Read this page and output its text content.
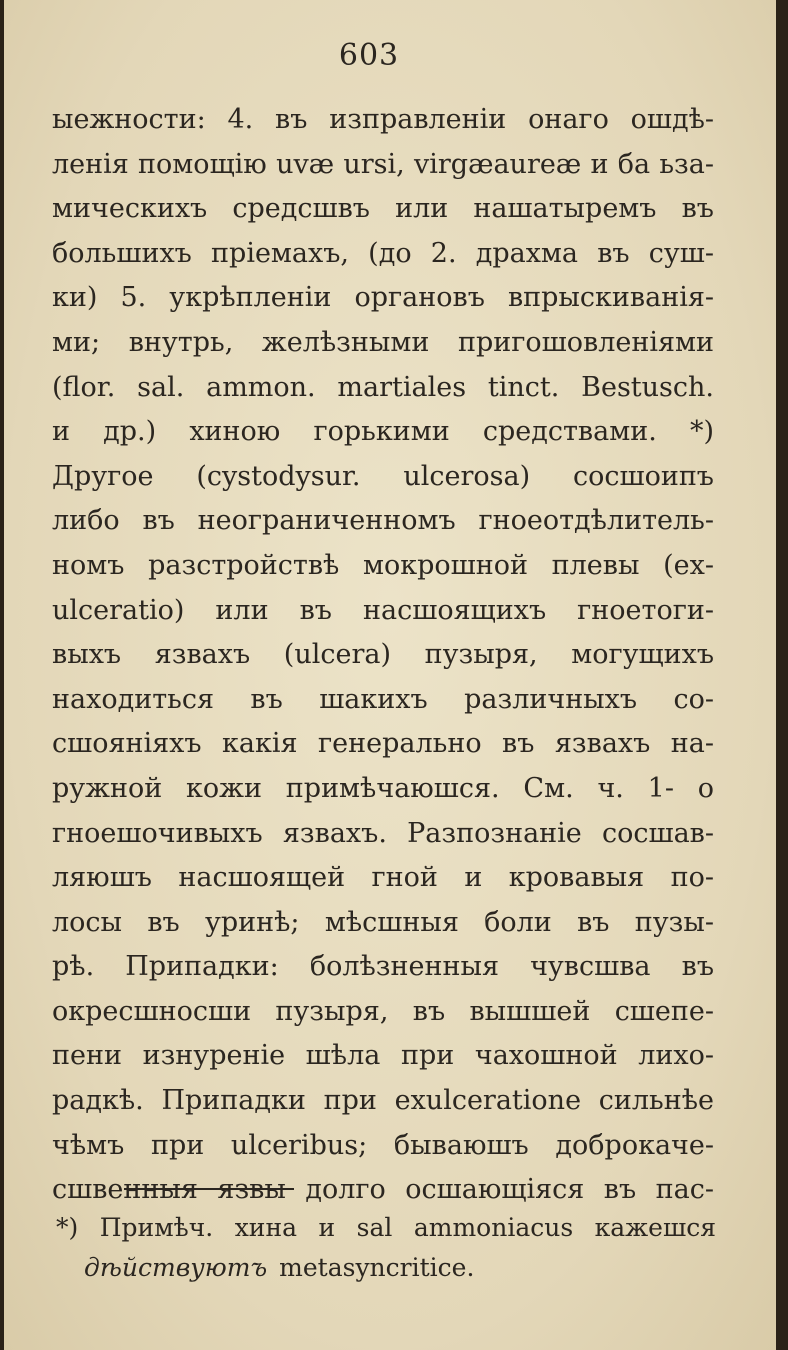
603
ыежности: 4. въ изправленіи онаго ошдѣ-
ленія помощію uvæ ursi, virgæaureæ и ба ьза-
мическихъ средсшвъ или нашатыремъ въ
большихъ пріемахъ, (до 2. драхма въ суш-
ки) 5. укрѣпленіи органовъ впрыскиванія-
ми; внутрь, желѣзными пригошовленіями
(flor. sal. ammon. martiales tinct. Bestusch.
и др.) хиною горькими средствами. *)
Другое (cystodysur. ulcerosa) сосшоипъ
либо въ неограниченномъ гноеотдѣлитель-
номъ разстройствѣ мокрошной плевы (ех-
ulceratio) или въ насшоящихъ гноетоги-
выхъ язвахъ (ulcera) пузыря, могущихъ
находиться въ шакихъ различныхъ со-
сшояніяхъ какія генерально въ язвахъ на-
ружной кожи примѣчаюшся. См. ч. 1- о
гноешочивыхъ язвахъ. Разпознаніе сосшав-
ляюшъ насшоящей гной и кровавыя по-
лосы въ уринѣ; мѣсшныя боли въ пузы-
рѣ. Припадки: болѣзненныя чувсшва въ
окресшносши пузыря, въ вышшей сшепе-
пени изнуреніе шѣла при чахошной лихо-
радкѣ. Припадки при exulceratione сильнѣе
чѣмъ при ulceribus; бываюшъ доброкаче-
сшвенныя язвы долго осшающіяся въ пас-
*) Примѣч. хина и sal ammoniacus кажешся
дѣйствуютъ metasyncritice.
